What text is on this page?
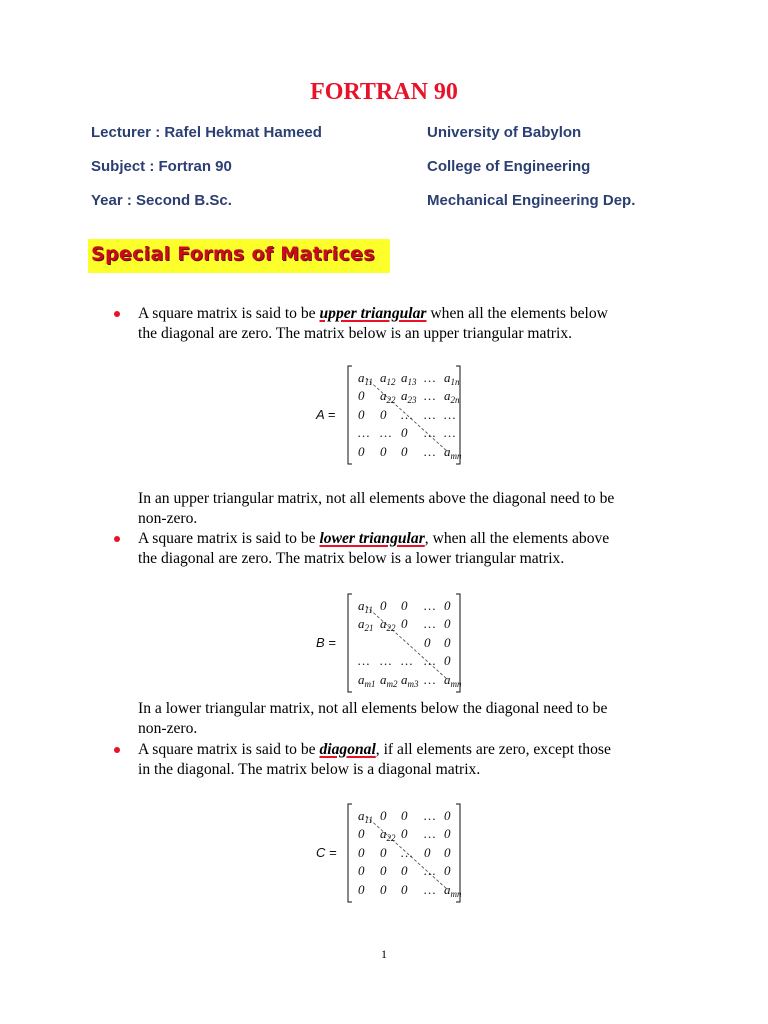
FORTRAN 90
Lecturer : Rafel Hekmat Hameed
Subject : Fortran 90
Year : Second B.Sc.
University of Babylon
College of Engineering
Mechanical Engineering Dep.
Special Forms of Matrices
A square matrix is said to be upper triangular when all the elements below
the diagonal are zero. The matrix below is an upper triangular matrix.
A =
$a_{11}$ $a_{12}$ $a_{13}$ … $a_{1n}$
0 $a_{22}$ $a_{23}$ … $a_{2n}$
0 0 … … …
… … 0 … …
0 0 0 … $a_{mn}$
In an upper triangular matrix, not all elements above the diagonal need to be
non-zero.
A square matrix is said to be lower triangular, when all the elements above
the diagonal are zero. The matrix below is a lower triangular matrix.
B =
$a_{11}$ 0 0 … 0
$a_{21}$ $a_{22}$ 0 … 0
0 0
… … … … 0
$a_{m1}$ $a_{m2}$ $a_{m3}$ … $a_{mn}$
In a lower triangular matrix, not all elements below the diagonal need to be
non-zero.
A square matrix is said to be diagonal, if all elements are zero, except those
in the diagonal. The matrix below is a diagonal matrix.
C =
$a_{11}$ 0 0 … 0
0 $a_{22}$ 0 … 0
0 0 … 0 0
0 0 0 … 0
0 0 0 … $a_{mn}$
1
